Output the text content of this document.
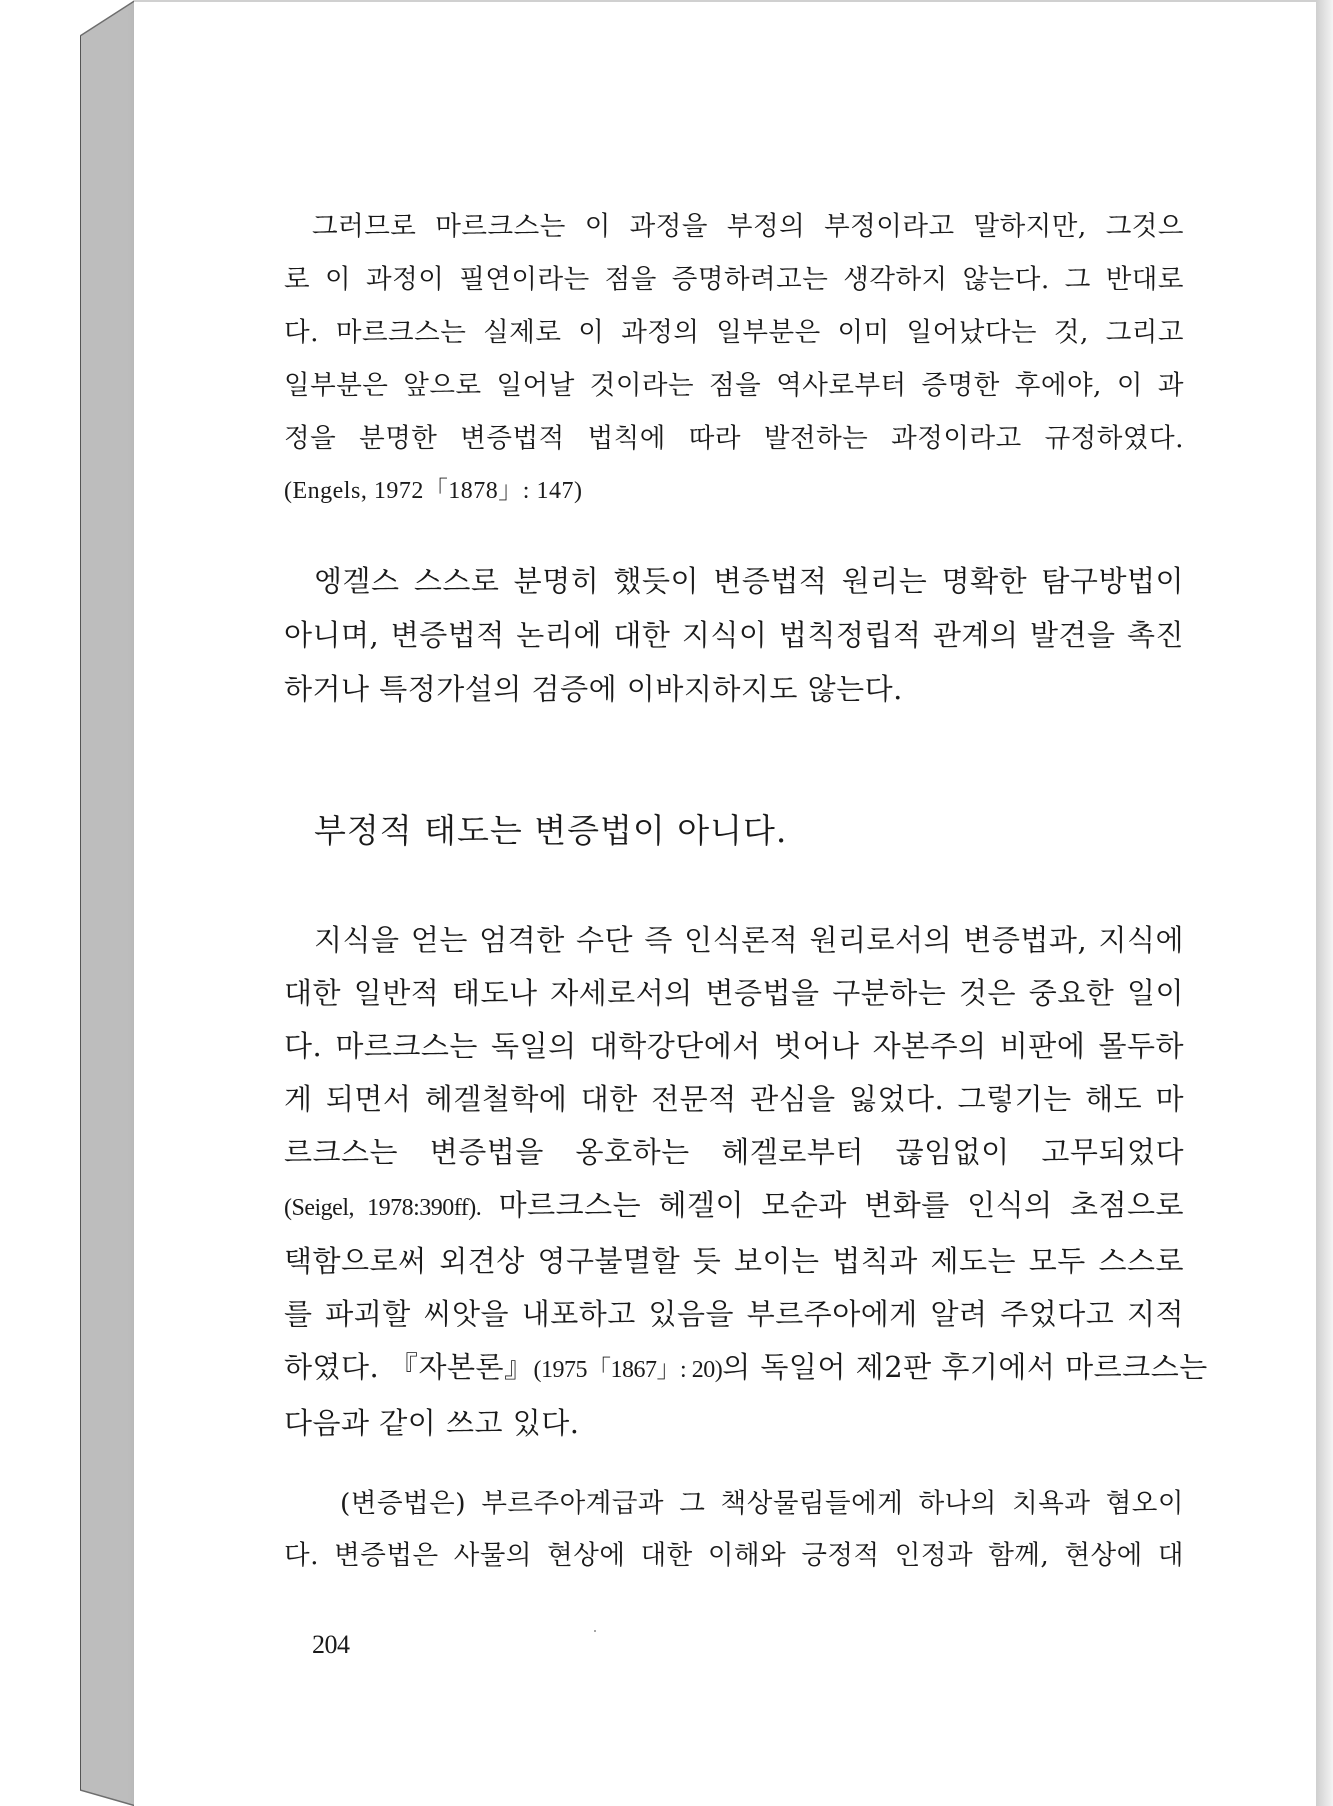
그러므로 마르크스는 이 과정을 부정의 부정이라고 말하지만, 그것으
로 이 과정이 필연이라는 점을 증명하려고는 생각하지 않는다. 그 반대로
다. 마르크스는 실제로 이 과정의 일부분은 이미 일어났다는 것, 그리고
일부분은 앞으로 일어날 것이라는 점을 역사로부터 증명한 후에야, 이 과
정을 분명한 변증법적 법칙에 따라 발전하는 과정이라고 규정하였다.
(Engels, 1972「1878」: 147)
엥겔스 스스로 분명히 했듯이 변증법적 원리는 명확한 탐구방법이
아니며, 변증법적 논리에 대한 지식이 법칙정립적 관계의 발견을 촉진
하거나 특정가설의 검증에 이바지하지도 않는다.
부정적 태도는 변증법이 아니다.
지식을 얻는 엄격한 수단 즉 인식론적 원리로서의 변증법과, 지식에
대한 일반적 태도나 자세로서의 변증법을 구분하는 것은 중요한 일이
다. 마르크스는 독일의 대학강단에서 벗어나 자본주의 비판에 몰두하
게 되면서 헤겔철학에 대한 전문적 관심을 잃었다. 그렇기는 해도 마
르크스는 변증법을 옹호하는 헤겔로부터 끊임없이 고무되었다
(Seigel, 1978:390ff). 마르크스는 헤겔이 모순과 변화를 인식의 초점으로
택함으로써 외견상 영구불멸할 듯 보이는 법칙과 제도는 모두 스스로
를 파괴할 씨앗을 내포하고 있음을 부르주아에게 알려 주었다고 지적
하였다. 『자본론』(1975「1867」: 20)의 독일어 제2판 후기에서 마르크스는
다음과 같이 쓰고 있다.
(변증법은) 부르주아계급과 그 책상물림들에게 하나의 치욕과 혐오이
다. 변증법은 사물의 현상에 대한 이해와 긍정적 인정과 함께, 현상에 대
204
